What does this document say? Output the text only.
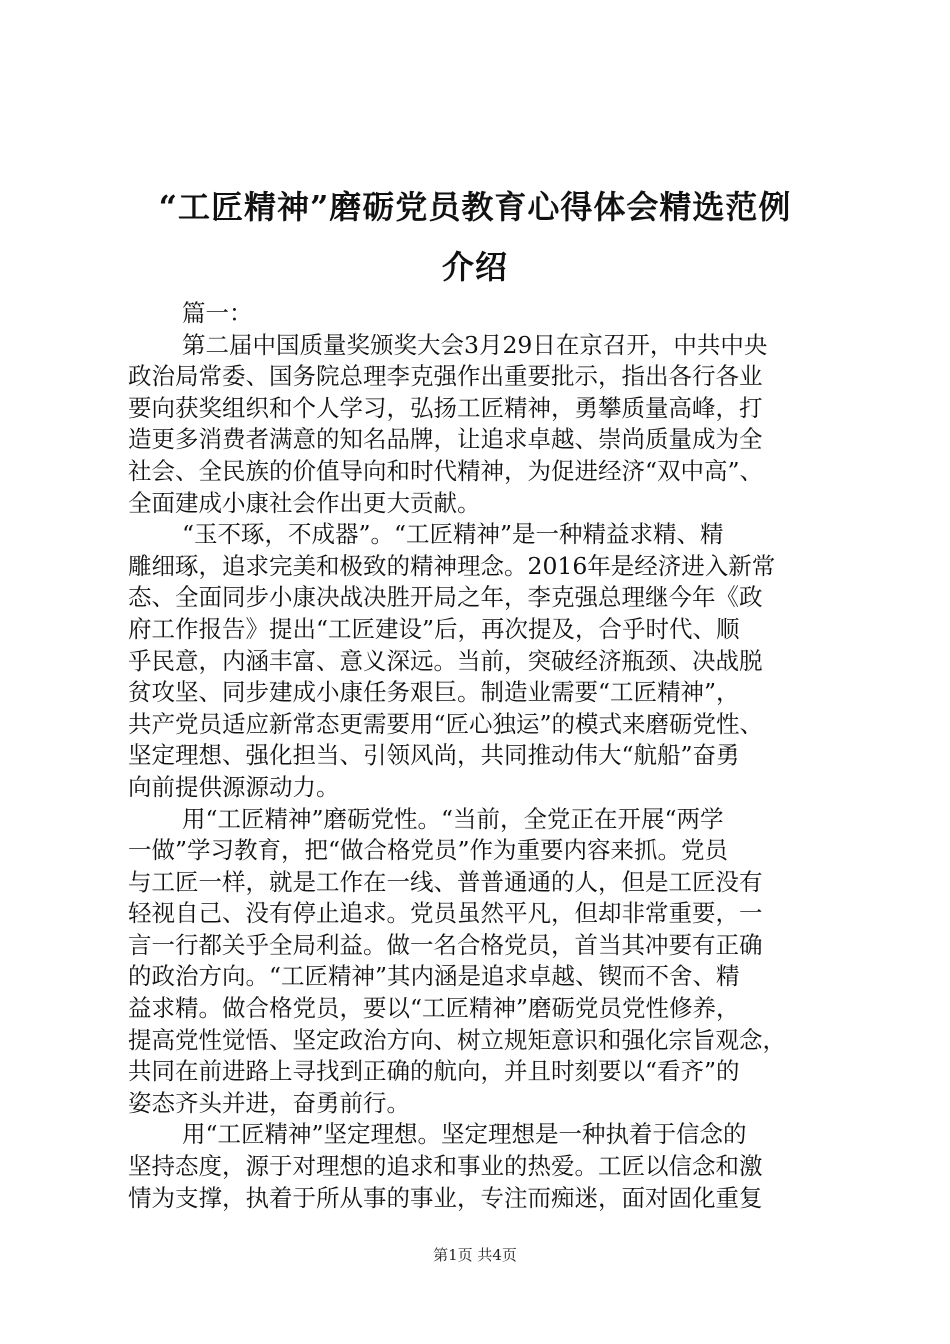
“工匠精神”磨砺党员教育心得体会精选范例
介绍
篇一：
第二届中国质量奖颁奖大会3月29日在京召开，中共中央
政治局常委、国务院总理李克强作出重要批示，指出各行各业
要向获奖组织和个人学习，弘扬工匠精神，勇攀质量高峰，打
造更多消费者满意的知名品牌，让追求卓越、崇尚质量成为全
社会、全民族的价值导向和时代精神，为促进经济“双中高”、
全面建成小康社会作出更大贡献。
“玉不琢，不成器”。“工匠精神”是一种精益求精、精
雕细琢，追求完美和极致的精神理念。2016年是经济进入新常
态、全面同步小康决战决胜开局之年，李克强总理继今年《政
府工作报告》提出“工匠建设”后，再次提及，合乎时代、顺
乎民意，内涵丰富、意义深远。当前，突破经济瓶颈、决战脱
贫攻坚、同步建成小康任务艰巨。制造业需要“工匠精神”，
共产党员适应新常态更需要用“匠心独运”的模式来磨砺党性、
坚定理想、强化担当、引领风尚，共同推动伟大“航船”奋勇
向前提供源源动力。
用“工匠精神”磨砺党性。“当前，全党正在开展“两学
一做”学习教育，把“做合格党员”作为重要内容来抓。党员
与工匠一样，就是工作在一线、普普通通的人，但是工匠没有
轻视自己、没有停止追求。党员虽然平凡，但却非常重要，一
言一行都关乎全局利益。做一名合格党员，首当其冲要有正确
的政治方向。“工匠精神”其内涵是追求卓越、锲而不舍、精
益求精。做合格党员，要以“工匠精神”磨砺党员党性修养，
提高党性觉悟、坚定政治方向、树立规矩意识和强化宗旨观念，
共同在前进路上寻找到正确的航向，并且时刻要以“看齐”的
姿态齐头并进，奋勇前行。
用“工匠精神”坚定理想。坚定理想是一种执着于信念的
坚持态度，源于对理想的追求和事业的热爱。工匠以信念和激
情为支撑，执着于所从事的事业，专注而痴迷，面对固化重复
第1页 共4页
